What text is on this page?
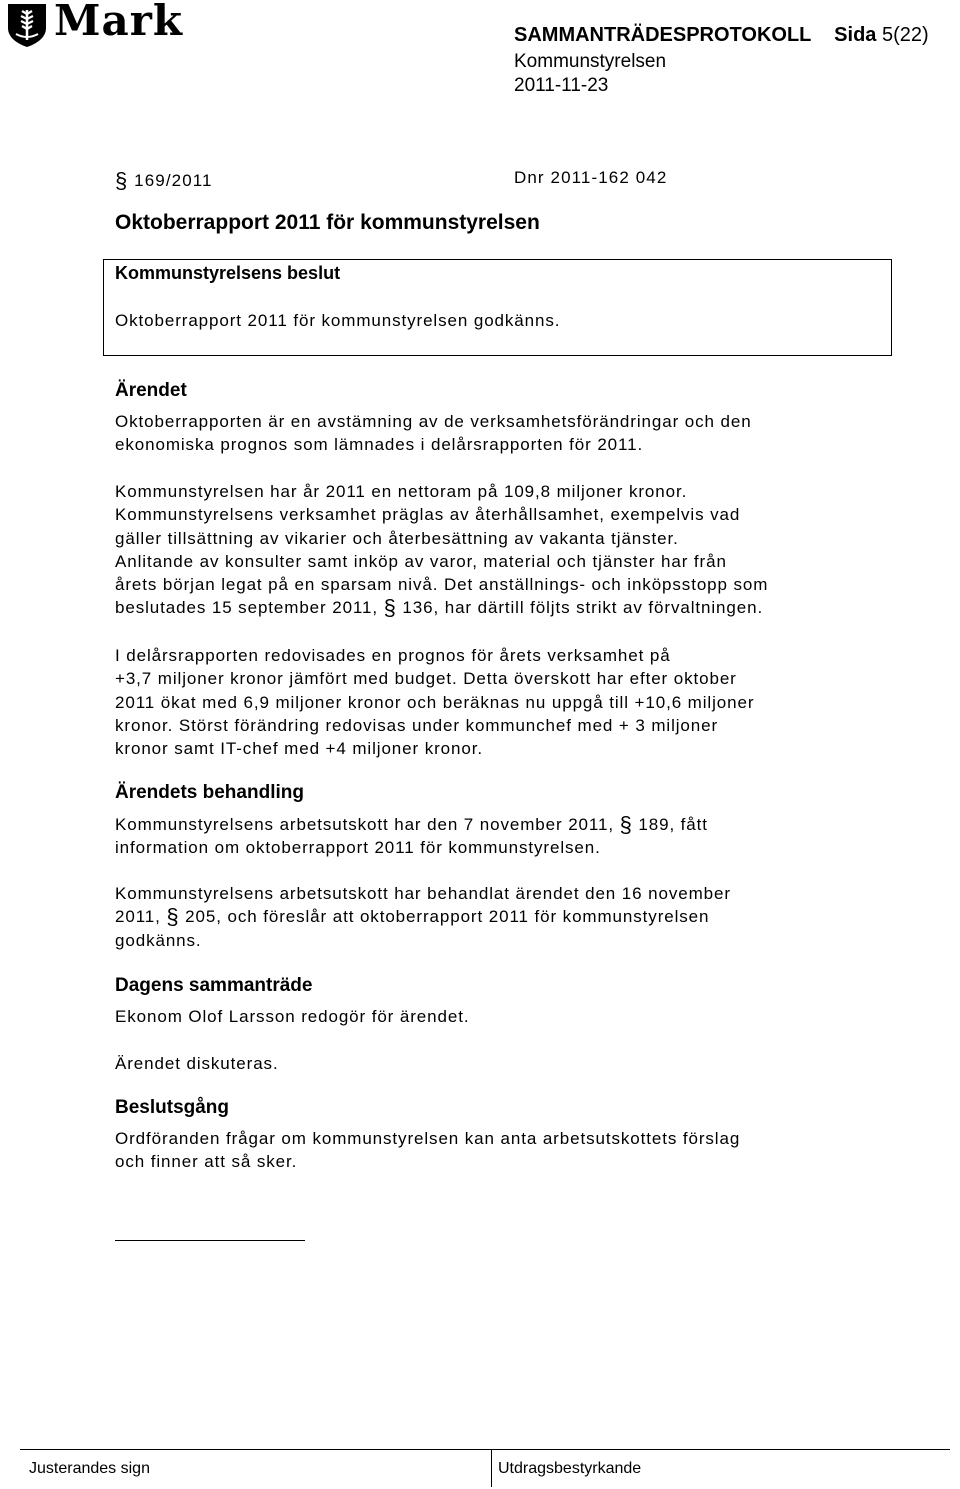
Mark	SAMMANTRÄDESPROTOKOLL Sida 5(22)
Kommunstyrelsen
2011-11-23
§ 169/2011	Dnr 2011-162 042
Oktoberrapport 2011 för kommunstyrelsen
Kommunstyrelsens beslut
Oktoberrapport 2011 för kommunstyrelsen godkänns.
Ärendet
Oktoberrapporten är en avstämning av de verksamhetsförändringar och den
ekonomiska prognos som lämnades i delårsrapporten för 2011.
Kommunstyrelsen har år 2011 en nettoram på 109,8 miljoner kronor.
Kommunstyrelsens verksamhet präglas av återhållsamhet, exempelvis vad
gäller tillsättning av vikarier och återbesättning av vakanta tjänster.
Anlitande av konsulter samt inköp av varor, material och tjänster har från
årets början legat på en sparsam nivå. Det anställnings- och inköpsstopp som
beslutades 15 september 2011, § 136, har därtill följts strikt av förvaltningen.
I delårsrapporten redovisades en prognos för årets verksamhet på
+3,7 miljoner kronor jämfört med budget. Detta överskott har efter oktober
2011 ökat med 6,9 miljoner kronor och beräknas nu uppgå till +10,6 miljoner
kronor. Störst förändring redovisas under kommunchef med + 3 miljoner
kronor samt IT-chef med +4 miljoner kronor.
Ärendets behandling
Kommunstyrelsens arbetsutskott har den 7 november 2011, § 189, fått
information om oktoberrapport 2011 för kommunstyrelsen.
Kommunstyrelsens arbetsutskott har behandlat ärendet den 16 november
2011, § 205, och föreslår att oktoberrapport 2011 för kommunstyrelsen
godkänns.
Dagens sammanträde
Ekonom Olof Larsson redogör för ärendet.
Ärendet diskuteras.
Beslutsgång
Ordföranden frågar om kommunstyrelsen kan anta arbetsutskottets förslag
och finner att så sker.
Justerandes sign	Utdragsbestyrkande
